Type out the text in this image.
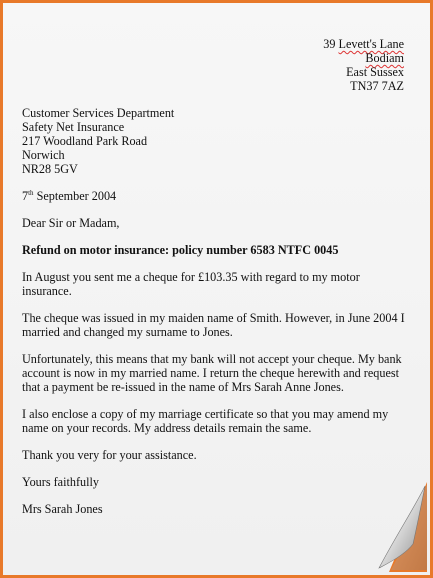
39 Levett's Lane
Bodiam
East Sussex
TN37 7AZ
Customer Services Department
Safety Net Insurance
217 Woodland Park Road
Norwich
NR28 5GV

7th September 2004

Dear Sir or Madam,

Refund on motor insurance: policy number 6583 NTFC 0045

In August you sent me a cheque for £103.35 with regard to my motor insurance.

The cheque was issued in my maiden name of Smith. However, in June 2004 I married and changed my surname to Jones.

Unfortunately, this means that my bank will not accept your cheque. My bank account is now in my married name. I return the cheque herewith and request that a payment be re-issued in the name of Mrs Sarah Anne Jones.

I also enclose a copy of my marriage certificate so that you may amend my name on your records. My address details remain the same.

Thank you very for your assistance.

Yours faithfully

Mrs Sarah Jones
